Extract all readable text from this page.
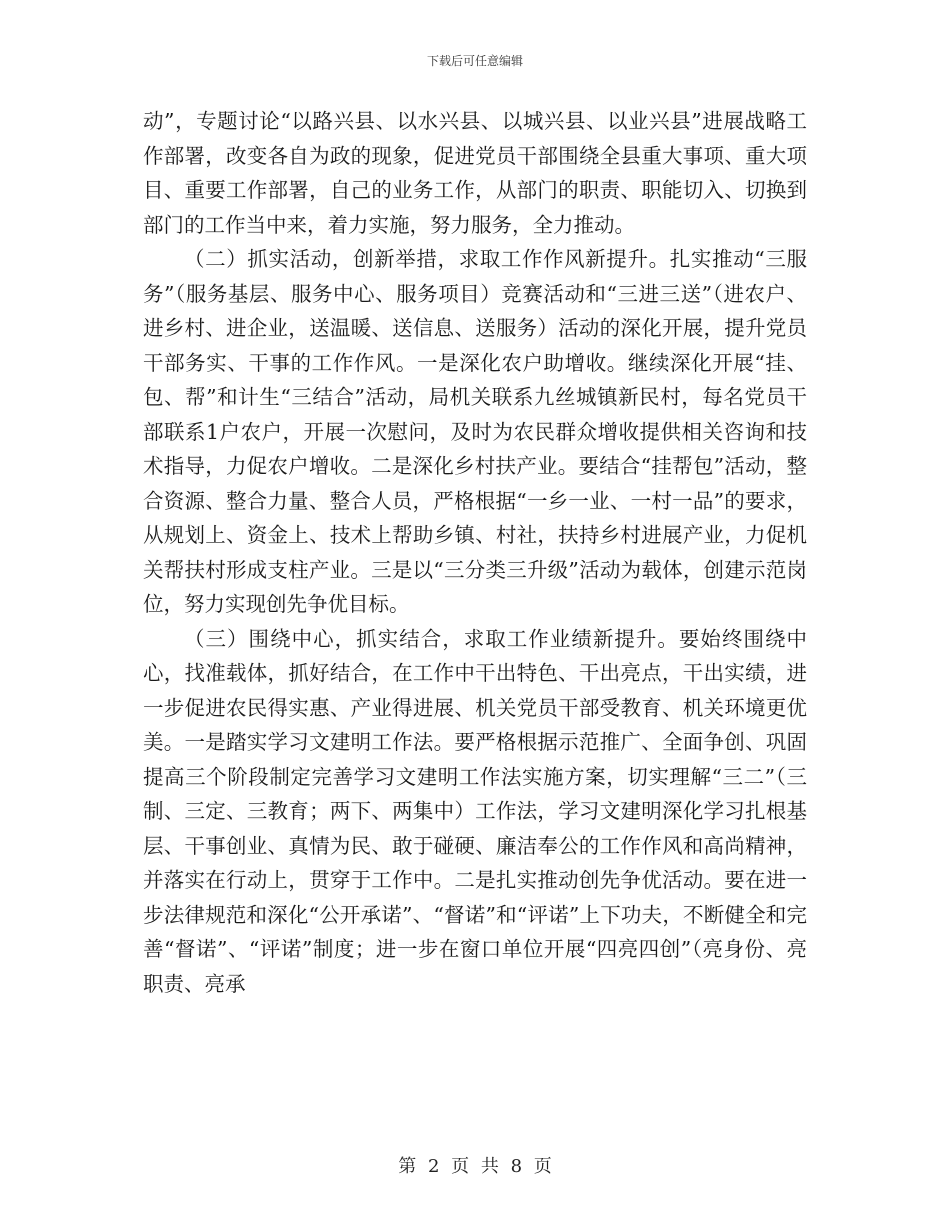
下载后可任意编辑

动”，专题讨论“以路兴县、以水兴县、以城兴县、以业兴县”进展战略工作部署，改变各自为政的现象，促进党员干部围绕全县重大事项、重大项目、重要工作部署，自己的业务工作，从部门的职责、职能切入、切换到部门的工作当中来，着力实施，努力服务，全力推动。

（二）抓实活动，创新举措，求取工作作风新提升。扎实推动“三服务”（服务基层、服务中心、服务项目）竞赛活动和“三进三送”（进农户、进乡村、进企业，送温暖、送信息、送服务）活动的深化开展，提升党员干部务实、干事的工作作风。一是深化农户助增收。继续深化开展“挂、包、帮”和计生“三结合”活动，局机关联系九丝城镇新民村，每名党员干部联系1户农户，开展一次慰问，及时为农民群众增收提供相关咨询和技术指导，力促农户增收。二是深化乡村扶产业。要结合“挂帮包”活动，整合资源、整合力量、整合人员，严格根据“一乡一业、一村一品”的要求，从规划上、资金上、技术上帮助乡镇、村社，扶持乡村进展产业，力促机关帮扶村形成支柱产业。三是以“三分类三升级”活动为载体，创建示范岗位，努力实现创先争优目标。

（三）围绕中心，抓实结合，求取工作业绩新提升。要始终围绕中心，找准载体，抓好结合，在工作中干出特色、干出亮点，干出实绩，进一步促进农民得实惠、产业得进展、机关党员干部受教育、机关环境更优美。一是踏实学习文建明工作法。要严格根据示范推广、全面争创、巩固提高三个阶段制定完善学习文建明工作法实施方案，切实理解“三二”（三制、三定、三教育；两下、两集中）工作法，学习文建明深化学习扎根基层、干事创业、真情为民、敢于碰硬、廉洁奉公的工作作风和高尚精神，并落实在行动上，贯穿于工作中。二是扎实推动创先争优活动。要在进一步法律规范和深化“公开承诺”、“督诺”和“评诺”上下功夫，不断健全和完善“督诺”、“评诺”制度；进一步在窗口单位开展“四亮四创”（亮身份、亮职责、亮承

第 2 页 共 8 页
